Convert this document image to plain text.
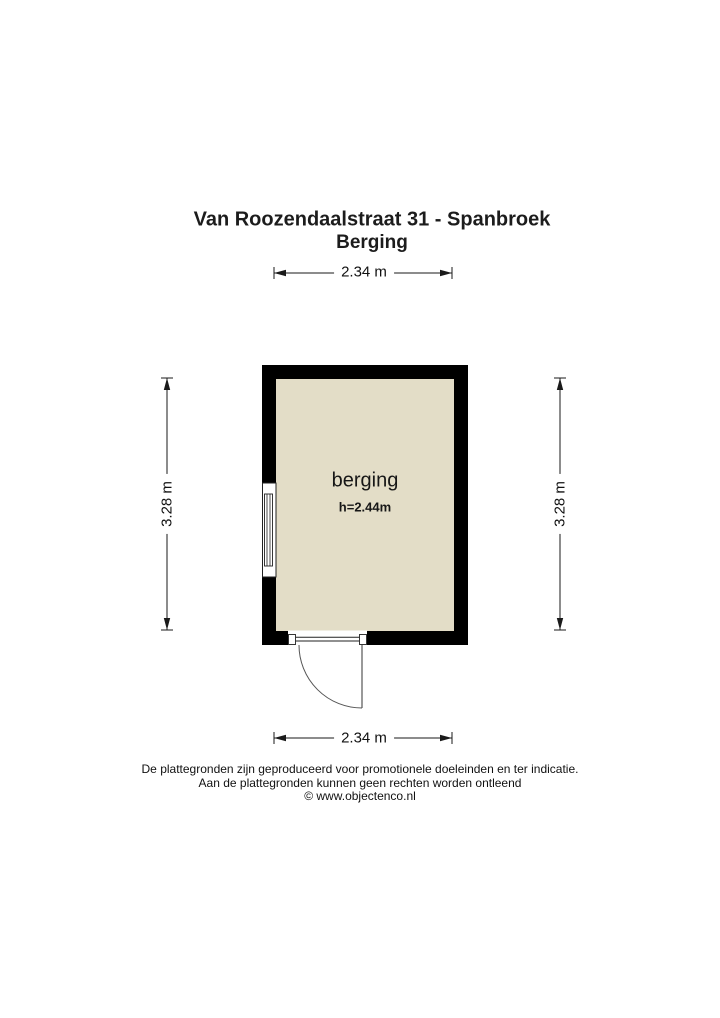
Van Roozendaalstraat 31 - Spanbroek
Berging
2.34 m
3.28 m	3.28 m
2.34 m
berging
h=2.44m
De plattegronden zijn geproduceerd voor promotionele doeleinden en ter indicatie.
Aan de plattegronden kunnen geen rechten worden ontleend
© www.objectenco.nl
